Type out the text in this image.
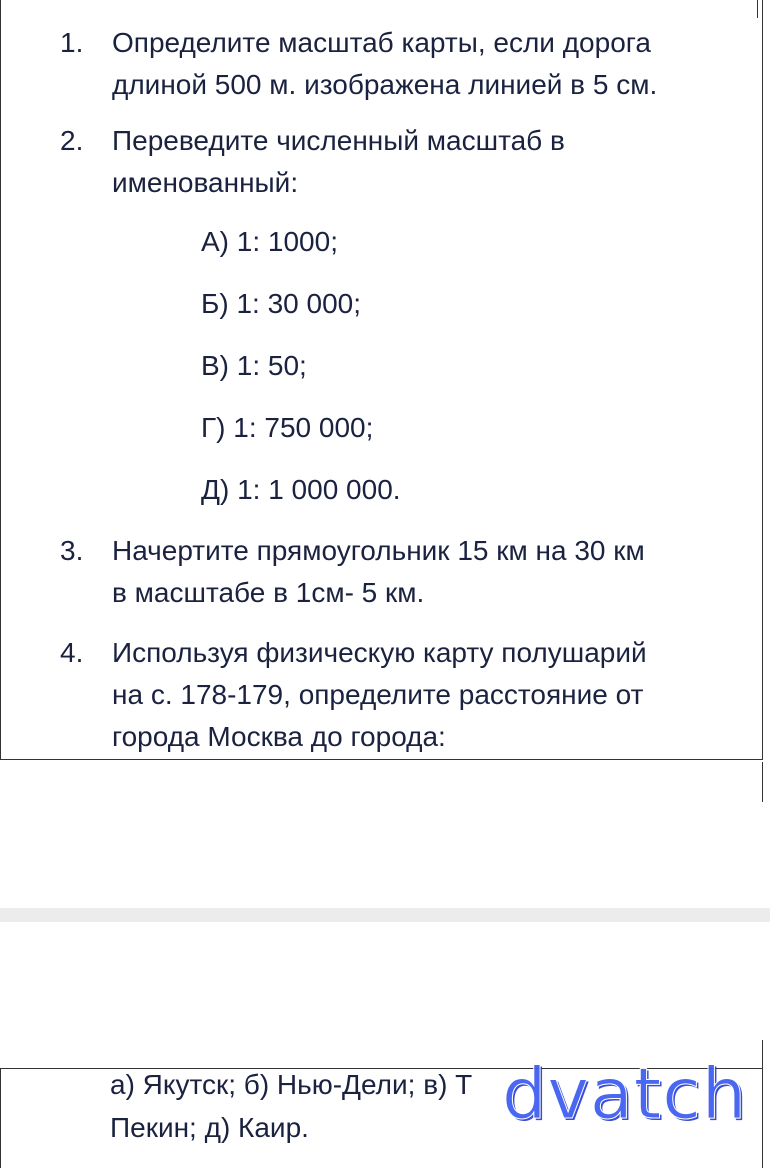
1.	Определите масштаб карты, если дорога
длиной 500 м. изображена линией в 5 см.
2.	Переведите численный масштаб в
именованный:
А) 1: 1000;
Б) 1: 30 000;
В) 1: 50;
Г) 1: 750 000;
Д) 1: 1 000 000.
3.	Начертите прямоугольник 15 км на 30 км
в масштабе в 1см- 5 км.
4.	Используя физическую карту полушарий
на с. 178-179, определите расстояние от
города Москва до города:
а) Якутск; б) Нью-Дели; в) Т
Пекин; д) Каир.	dvatch
